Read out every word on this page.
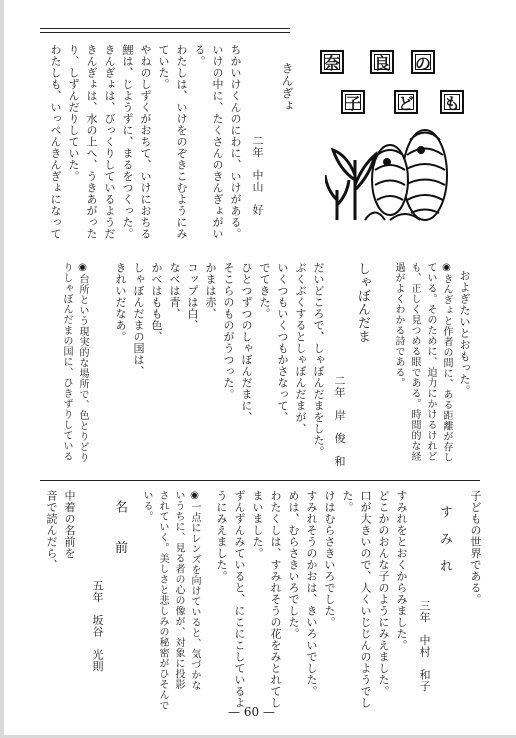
奈 良 の
子 ど も
およぎたいとおもった。
◉きんぎょと作者の間に、ある距離が存し
ている。そのために、迫力にかけるけれど
も、正しく見つめる眼である。時間的な経
過がよくわかる詩である。
しゃぼんだま
二年　岸　俊　和
だいどころで、しゃぼんだまをした。
ぶくぶくするとしゃぼんだまが、
いくつもいくつもかさなって、
でてきた。
ひとつずつのしゃぼんだまに、
そこらのものがうつった。
かまは赤、
コップは白、
なべは青、
かべはもも色、
しゃぼんだまの国は、
きれいだなあ。
◉台所という現実的な場所で、色とりどり
りしゃぼんだまの国に、ひきずりしている
きんぎょ
二年　中山　好
ちかいけくんのにわに、いけがある。
いけの中に、たくさんのきんぎょがい
る。
わたしは、いけをのぞきこむようにみ
ていた。
やねのしずくがおちて、いけにおちる
鯉は、じようずに、まるをつくった。
きんぎょは、びっくりしているようだ
きんぎょは、水の上へ、うきあがった
り、しずんだりしていた。
わたしも、いっぺんきんぎょになって
子どもの世界である。
す　み　れ
三年　中村　和子
すみれをとおくからみました。
どこかのおんな子のようにみえました。
口が大きいので、人くいじじんのようでし
た。
けはむらさきいろでした。
すみれそうのかおは、きいろいでした。
めは、むらさきいろでした。
わたくしは、すみれそうの花をみとれてし
まいました。
ずんずんみていると、にこにこしているよ
うにみえました。
◉一点にレンズを向けていると、気づかな
いうちに、見る者の心の像が、対象に投影
されていく。美しさと悲しみの秘密がひそんで
いる。
名　　前
五年　坂谷　光則
中着の名前を
音で読んだら、
— 60 —
